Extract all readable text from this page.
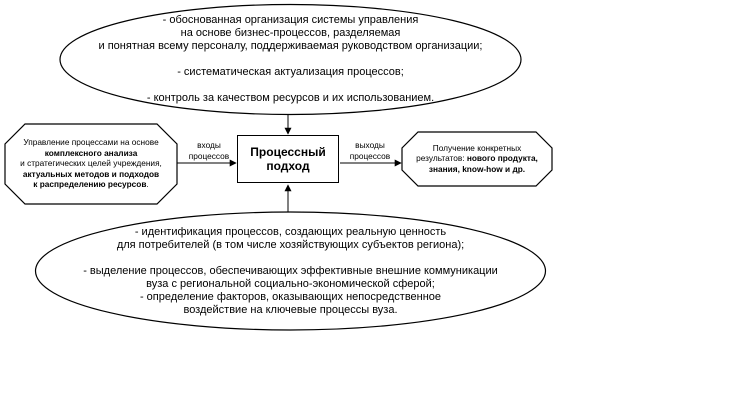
- обоснованная организация системы управления
на основе бизнес-процессов, разделяемая
и понятная всему персоналу, поддерживаемая руководством организации;
- систематическая актуализация процессов;
- контроль за качеством ресурсов и их использованием.
- идентификация процессов, создающих реальную ценность
для потребителей (в том числе хозяйствующих субъектов региона);
- выделение процессов, обеспечивающих эффективные внешние коммуникации
вуза с региональной социально-экономической сферой;
- определение факторов, оказывающих непосредственное
воздействие на ключевые процессы вуза.
Управление процессами на основе
комплексного анализа
и стратегических целей учреждения,
актуальных методов и подходов
к распределению ресурсов.
Получение конкретных
результатов: нового продукта,
знания, know-how и др.
Процессный
подход
входы
процессов
выходы
процессов
